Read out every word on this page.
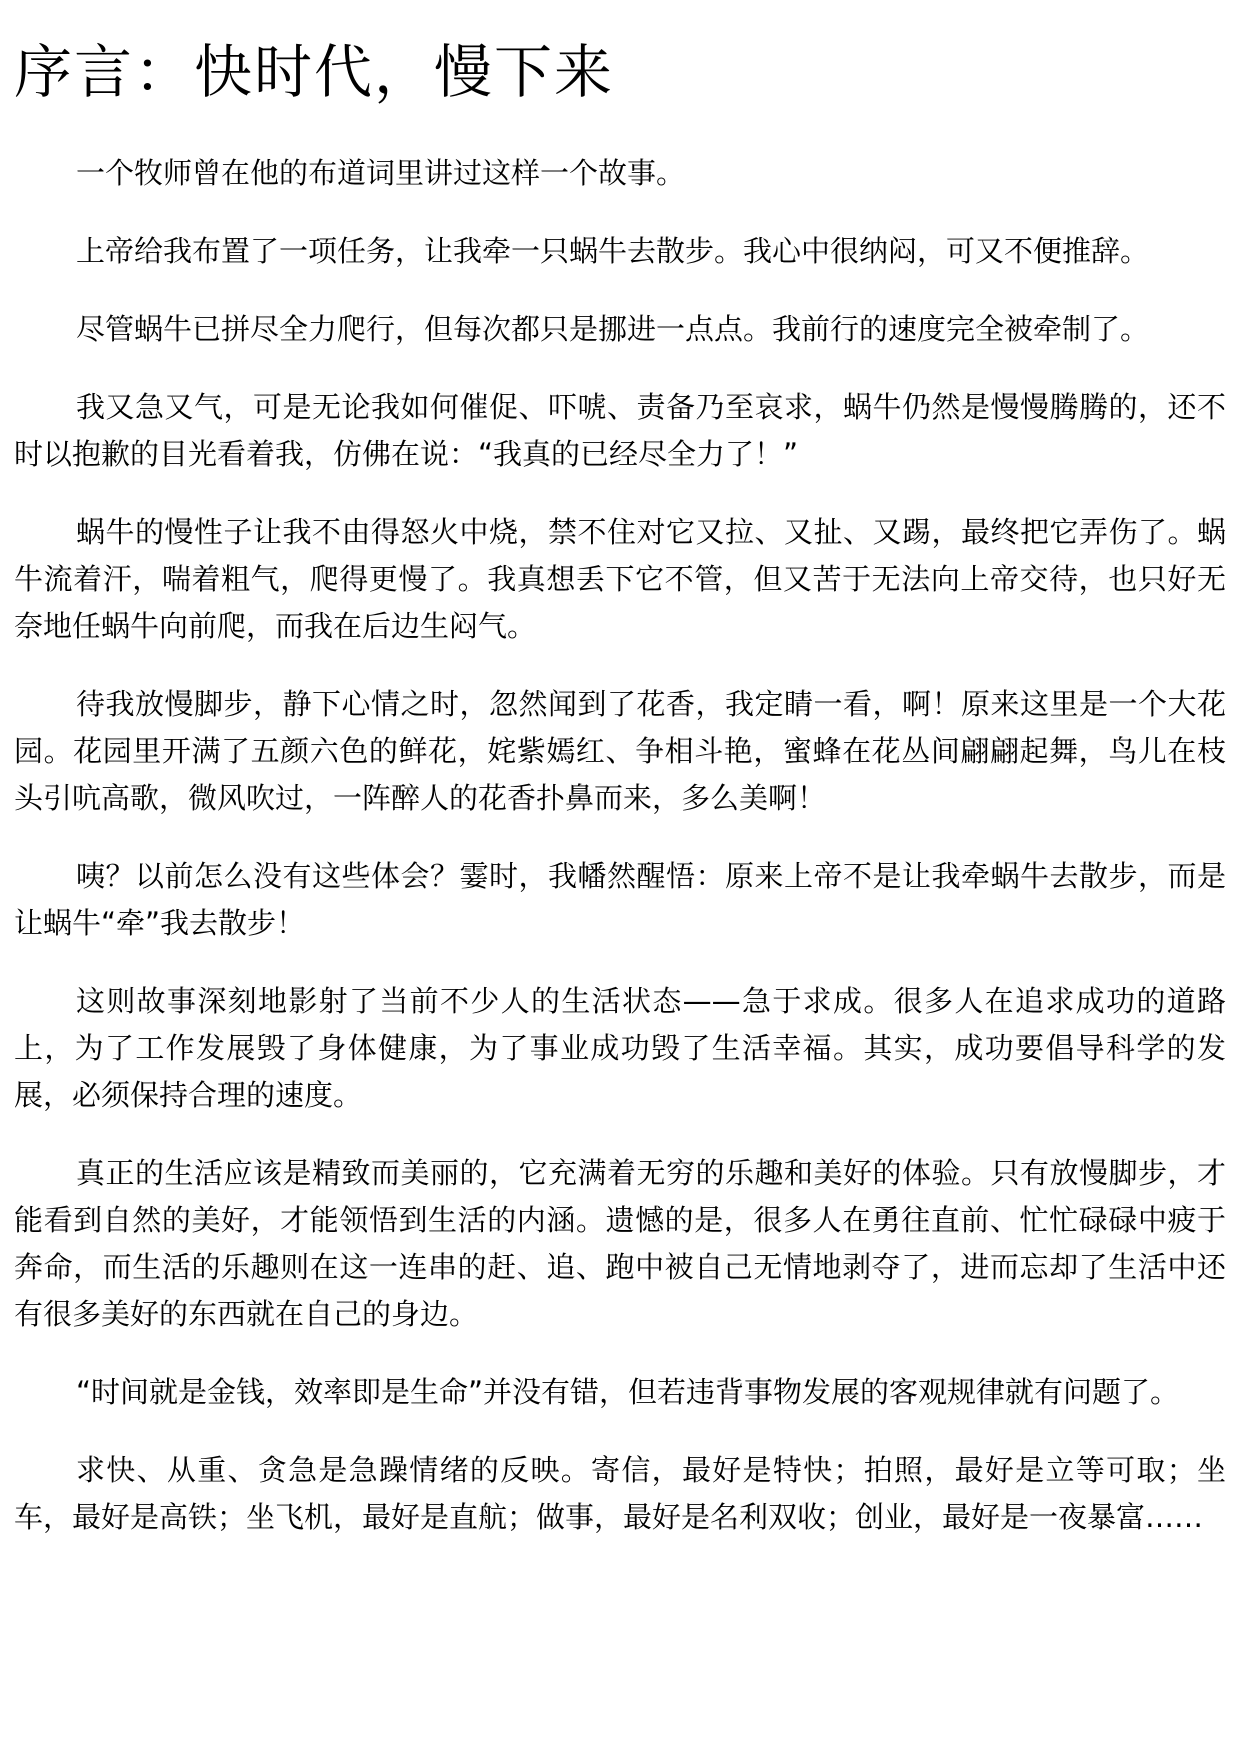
序言：快时代，慢下来

一个牧师曾在他的布道词里讲过这样一个故事。

上帝给我布置了一项任务，让我牵一只蜗牛去散步。我心中很纳闷，可又不便推辞。

尽管蜗牛已拼尽全力爬行，但每次都只是挪进一点点。我前行的速度完全被牵制了。

我又急又气，可是无论我如何催促、吓唬、责备乃至哀求，蜗牛仍然是慢慢腾腾的，还不时以抱歉的目光看着我，仿佛在说：“我真的已经尽全力了！”

蜗牛的慢性子让我不由得怒火中烧，禁不住对它又拉、又扯、又踢，最终把它弄伤了。蜗牛流着汗，喘着粗气，爬得更慢了。我真想丢下它不管，但又苦于无法向上帝交待，也只好无奈地任蜗牛向前爬，而我在后边生闷气。

待我放慢脚步，静下心情之时，忽然闻到了花香，我定睛一看，啊！原来这里是一个大花园。花园里开满了五颜六色的鲜花，姹紫嫣红、争相斗艳，蜜蜂在花丛间翩翩起舞，鸟儿在枝头引吭高歌，微风吹过，一阵醉人的花香扑鼻而来，多么美啊！

咦？以前怎么没有这些体会？霎时，我幡然醒悟：原来上帝不是让我牵蜗牛去散步，而是让蜗牛“牵”我去散步！

这则故事深刻地影射了当前不少人的生活状态——急于求成。很多人在追求成功的道路上，为了工作发展毁了身体健康，为了事业成功毁了生活幸福。其实，成功要倡导科学的发展，必须保持合理的速度。

真正的生活应该是精致而美丽的，它充满着无穷的乐趣和美好的体验。只有放慢脚步，才能看到自然的美好，才能领悟到生活的内涵。遗憾的是，很多人在勇往直前、忙忙碌碌中疲于奔命，而生活的乐趣则在这一连串的赶、追、跑中被自己无情地剥夺了，进而忘却了生活中还有很多美好的东西就在自己的身边。

“时间就是金钱，效率即是生命”并没有错，但若违背事物发展的客观规律就有问题了。

求快、从重、贪急是急躁情绪的反映。寄信，最好是特快；拍照，最好是立等可取；坐车，最好是高铁；坐飞机，最好是直航；做事，最好是名利双收；创业，最好是一夜暴富……
